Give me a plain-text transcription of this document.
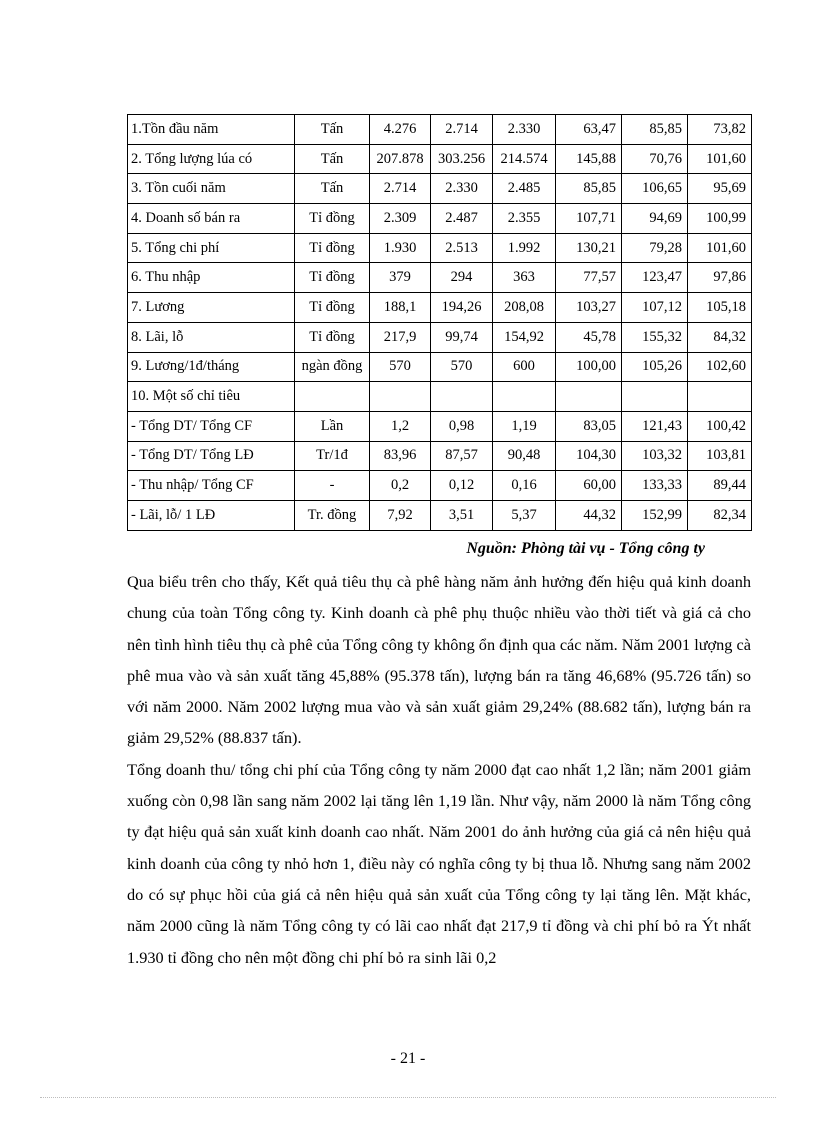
1.Tồn đầu năm	Tấn	4.276	2.714	2.330	63,47	85,85	73,82
2. Tổng lượng lúa có	Tấn	207.878	303.256	214.574	145,88	70,76	101,60
3. Tồn cuối năm	Tấn	2.714	2.330	2.485	85,85	106,65	95,69
4. Doanh số bán ra	Tỉ đồng	2.309	2.487	2.355	107,71	94,69	100,99
5. Tổng chi phí	Tỉ đồng	1.930	2.513	1.992	130,21	79,28	101,60
6. Thu nhập	Tỉ đồng	379	294	363	77,57	123,47	97,86
7. Lương	Tỉ đồng	188,1	194,26	208,08	103,27	107,12	105,18
8. Lãi, lỗ	Tỉ đồng	217,9	99,74	154,92	45,78	155,32	84,32
9. Lương/1đ/tháng	ngàn đồng	570	570	600	100,00	105,26	102,60
10. Một số chỉ tiêu							
- Tổng DT/ Tổng CF	Lần	1,2	0,98	1,19	83,05	121,43	100,42
- Tổng DT/ Tổng LĐ	Tr/1đ	83,96	87,57	90,48	104,30	103,32	103,81
- Thu nhập/ Tổng CF	-	0,2	0,12	0,16	60,00	133,33	89,44
- Lãi, lỗ/ 1 LĐ	Tr. đồng	7,92	3,51	5,37	44,32	152,99	82,34
Nguồn: Phòng tài vụ - Tổng công ty

Qua biểu trên cho thấy, Kết quả tiêu thụ cà phê hàng năm ảnh hưởng đến hiệu quả kinh doanh chung của toàn Tổng công ty. Kinh doanh cà phê phụ thuộc nhiều vào thời tiết và giá cả cho nên tình hình tiêu thụ cà phê của Tổng công ty không ổn định qua các năm. Năm 2001 lượng cà phê mua vào và sản xuất tăng 45,88% (95.378 tấn), lượng bán ra tăng 46,68% (95.726 tấn) so với năm 2000. Năm 2002 lượng mua vào và sản xuất giảm 29,24% (88.682 tấn), lượng bán ra giảm 29,52% (88.837 tấn).

Tổng doanh thu/ tổng chi phí của Tổng công ty năm 2000 đạt cao nhất 1,2 lần; năm 2001 giảm xuống còn 0,98 lần sang năm 2002 lại tăng lên 1,19 lần. Như vậy, năm 2000 là năm Tổng công ty đạt hiệu quả sản xuất kinh doanh cao nhất. Năm 2001 do ảnh hưởng của giá cả nên hiệu quả kinh doanh của công ty nhỏ hơn 1, điều này có nghĩa công ty bị thua lỗ. Nhưng sang năm 2002 do có sự phục hồi của giá cả nên hiệu quả sản xuất của Tổng công ty lại tăng lên. Mặt khác, năm 2000 cũng là năm Tổng công ty có lãi cao nhất đạt 217,9 tỉ đồng và chi phí bỏ ra Ýt nhất 1.930 tỉ đồng cho nên một đồng chi phí bỏ ra sinh lãi 0,2

- 21 -
